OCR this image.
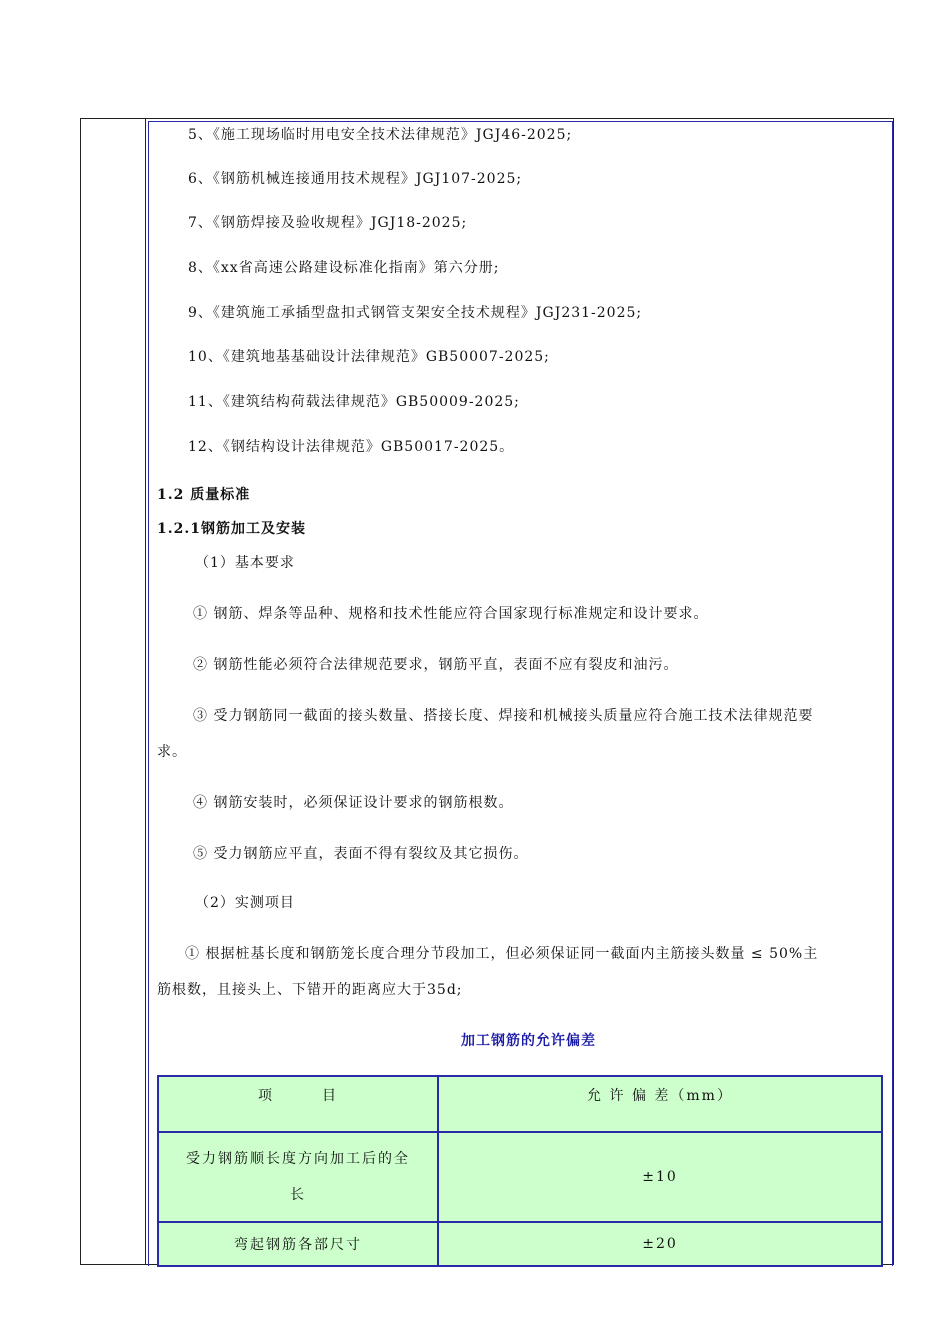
5、《施工现场临时用电安全技术法律规范》JGJ46-2025;
6、《钢筋机械连接通用技术规程》JGJ107-2025;
7、《钢筋焊接及验收规程》JGJ18-2025;
8、《xx省高速公路建设标准化指南》第六分册;
9、《建筑施工承插型盘扣式钢管支架安全技术规程》JGJ231-2025;
10、《建筑地基基础设计法律规范》GB50007-2025;
11、《建筑结构荷载法律规范》GB50009-2025;
12、《钢结构设计法律规范》GB50017-2025。
1.2 质量标准
1.2.1钢筋加工及安装
（1）基本要求
① 钢筋、焊条等品种、规格和技术性能应符合国家现行标准规定和设计要求。
② 钢筋性能必须符合法律规范要求，钢筋平直，表面不应有裂皮和油污。
③ 受力钢筋同一截面的接头数量、搭接长度、焊接和机械接头质量应符合施工技术法律规范要
求。
④ 钢筋安装时，必须保证设计要求的钢筋根数。
⑤ 受力钢筋应平直，表面不得有裂纹及其它损伤。
（2）实测项目
① 根据桩基长度和钢筋笼长度合理分节段加工，但必须保证同一截面内主筋接头数量 ≤ 50%主
筋根数，且接头上、下错开的距离应大于35d;
加工钢筋的允许偏差
项　　　目	允 许 偏 差（mm）

受力钢筋顺长度方向加工后的全
长	±10
弯起钢筋各部尺寸	±20
